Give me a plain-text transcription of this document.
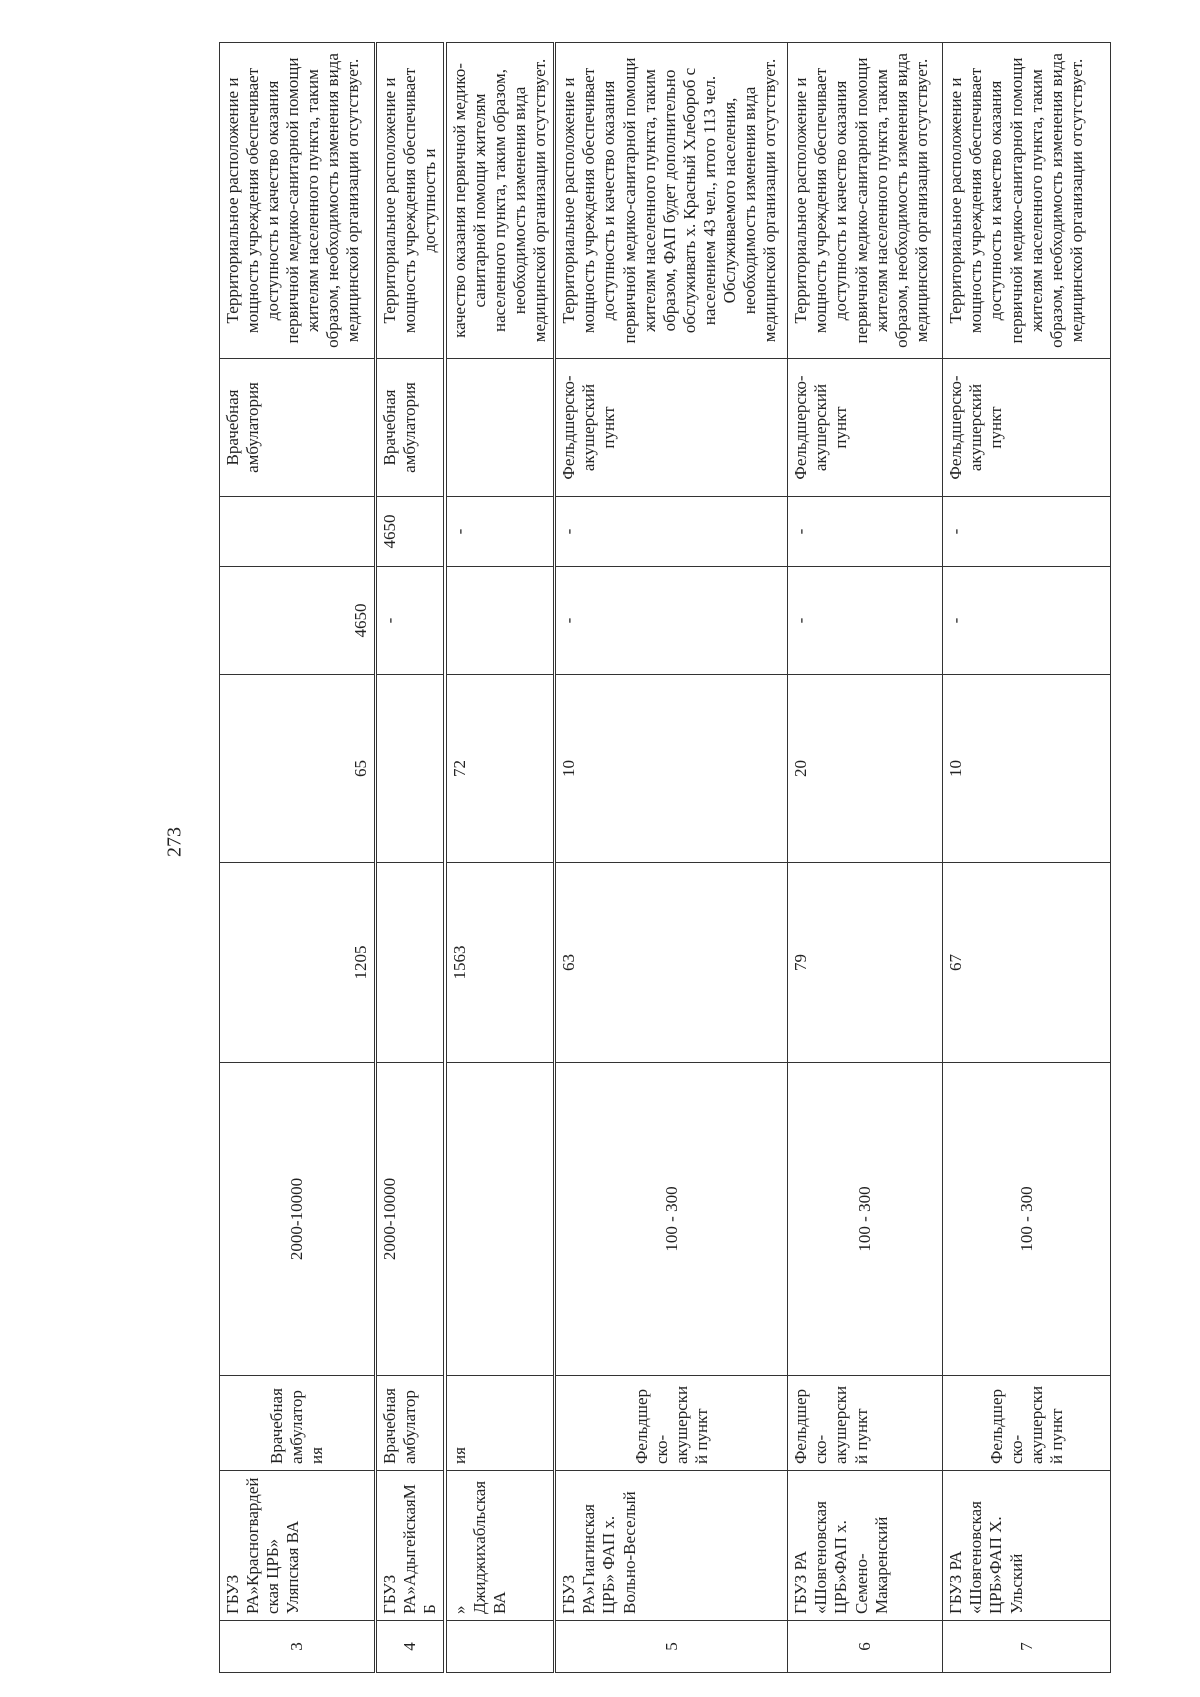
273
3	ГБУЗ РА»Красногвардейская ЦРБ» Уляпская ВА	Врачебная амбулатория	2000-10000	1205	65	4650		Врачебная амбулатория	Территориальное расположение и мощность учреждения обеспечивает доступность и качество оказания первичной медико-санитарной помощи жителям населенного пункта, таким образом, необходимость изменения вида медицинской организации отсутствует.
4	ГБУЗ РА»АдыгейскаяМБ	Врачебная амбулатор	2000-10000			-	4650	Врачебная амбулатория	Территориальное расположение и мощность учреждения обеспечивает доступность и
	» Джиджихабльская ВА	ия		1563	72		-		качество оказания первичной медико-санитарной помощи жителям населенного пункта, таким образом, необходимость изменения вида медицинской организации отсутствует.
5	ГБУЗ РА»Гиагинская ЦРБ» ФАП х. Вольно-Веселый	Фельдшерско-акушерский пункт	100 - 300	63	10	-	-	Фельдшерско-акушерский пункт	Территориальное расположение и мощность учреждения обеспечивает доступность и качество оказания первичной медико-санитарной помощи жителям населенного пункта, таким образом, ФАП будет дополнительно обслуживать х. Красный Хлебороб с населением 43 чел., итого 113 чел. Обслуживаемого населения, необходимость изменения вида медицинской организации отсутствует.
6	ГБУЗ РА «Шовгеновская ЦРБ»ФАП х. Семено-Макаренский	Фельдшерско-акушерский пункт	100 - 300	79	20	-	-	Фельдшерско-акушерский пункт	Территориальное расположение и мощность учреждения обеспечивает доступность и качество оказания первичной медико-санитарной помощи жителям населенного пункта, таким образом, необходимость изменения вида медицинской организации отсутствует.
7	ГБУЗ РА «Шовгеновская ЦРБ»ФАП Х. Ульский	Фельдшерско-акушерский пункт	100 - 300	67	10	-	-	Фельдшерско-акушерский пункт	Территориальное расположение и мощность учреждения обеспечивает доступность и качество оказания первичной медико-санитарной помощи жителям населенного пункта, таким образом, необходимость изменения вида медицинской организации отсутствует.
